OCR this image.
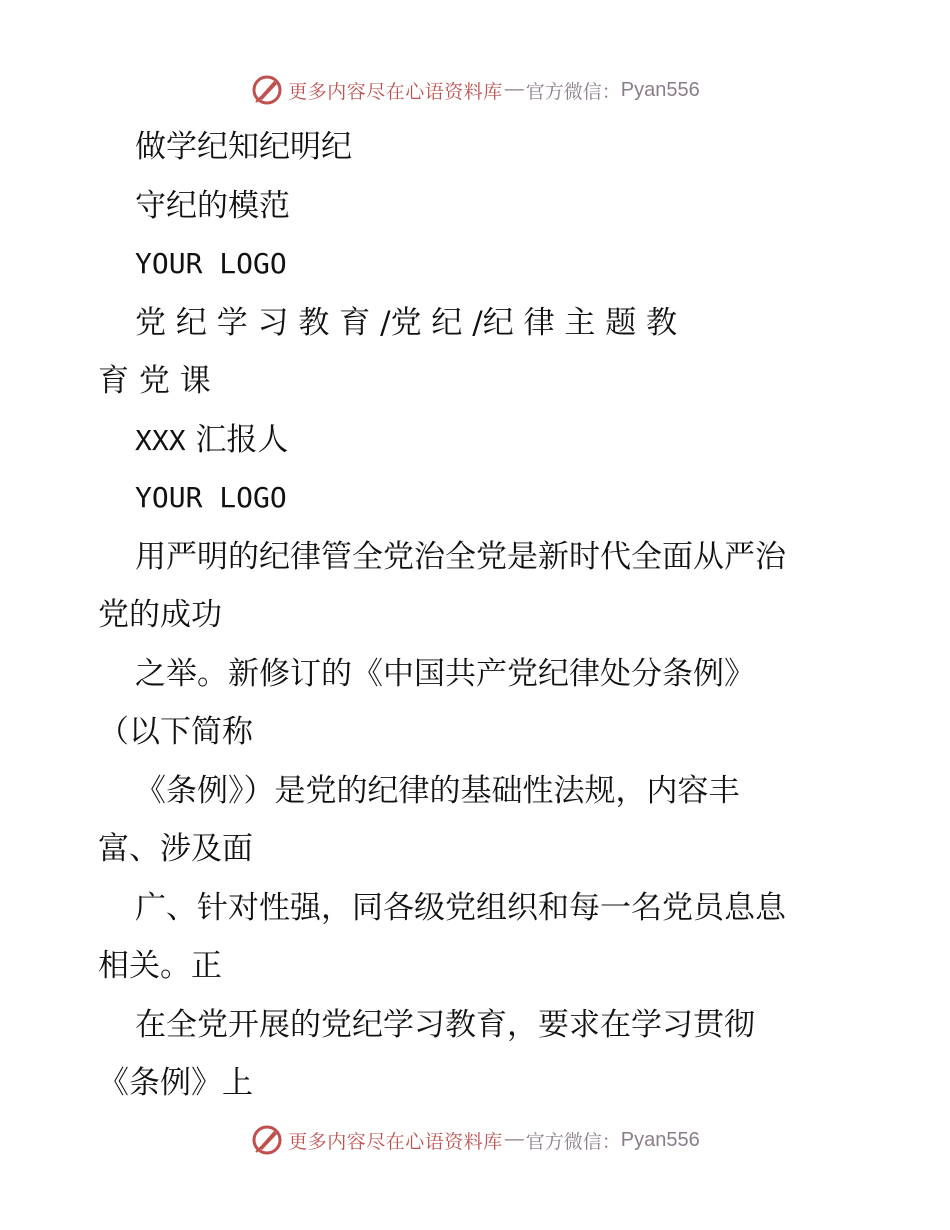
更多内容尽在心语资料库 — 官方微信： Pyan556
做学纪知纪明纪
守纪的模范
YOUR LOGO
党 纪 学 习 教 育 /党 纪 /纪 律 主 题 教
育 党 课
XXX 汇报人
YOUR LOGO
用严明的纪律管全党治全党是新时代全面从严治
党的成功
之举。新修订的《中国共产党纪律处分条例》
（以下简称
《条例》）是党的纪律的基础性法规，内容丰
富、涉及面
广、针对性强，同各级党组织和每一名党员息息
相关。正
在全党开展的党纪学习教育，要求在学习贯彻
《条例》上
更多内容尽在心语资料库 — 官方微信： Pyan556
